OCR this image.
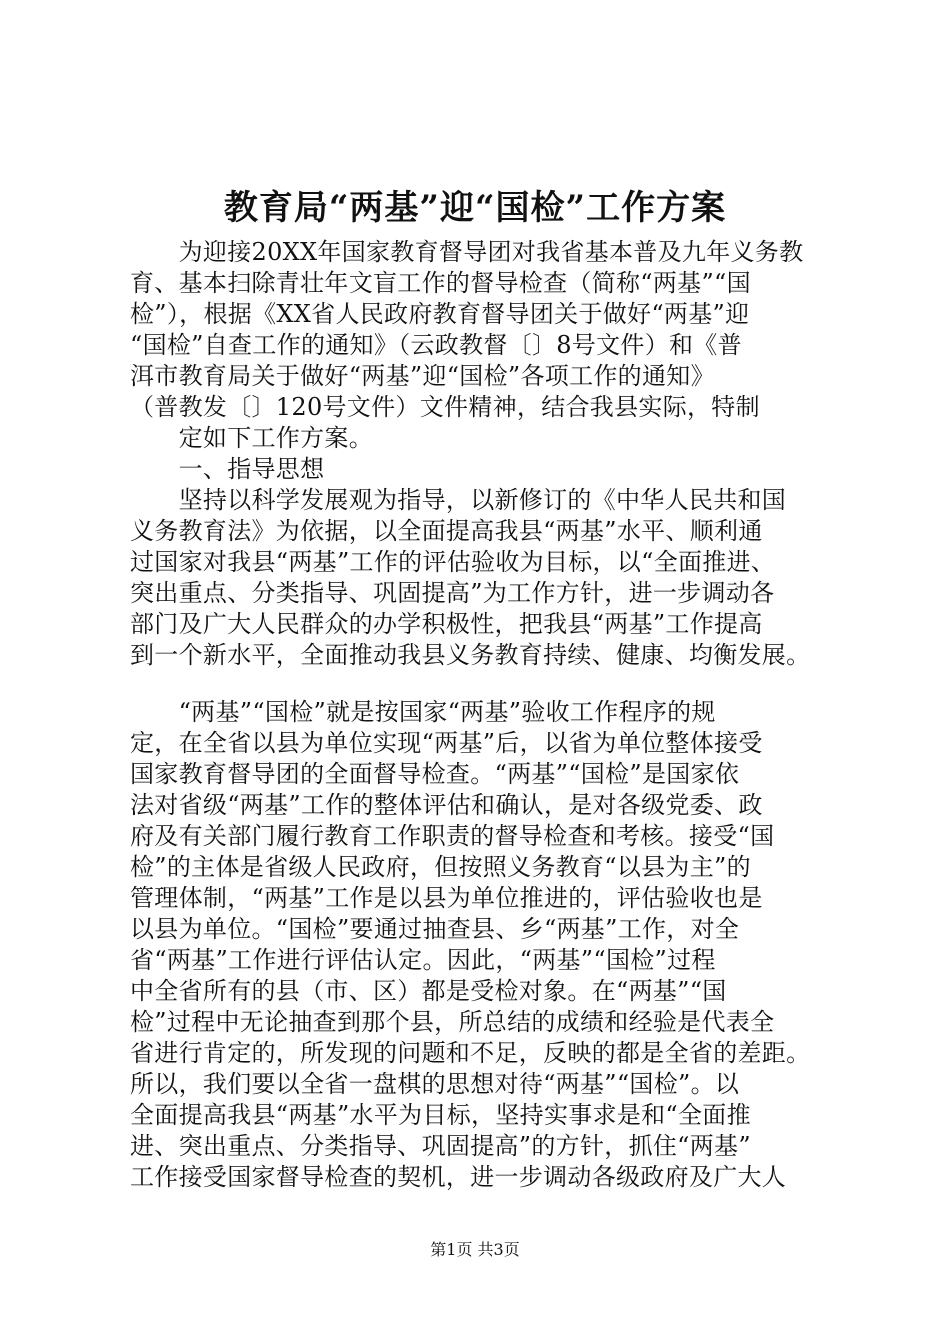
教育局“两基”迎“国检”工作方案
　　为迎接20XX年国家教育督导团对我省基本普及九年义务教
育、基本扫除青壮年文盲工作的督导检查（简称“两基”“国
检”），根据《XX省人民政府教育督导团关于做好“两基”迎
“国检”自查工作的通知》（云政教督〔〕8号文件）和《普
洱市教育局关于做好“两基”迎“国检”各项工作的通知》
（普教发〔〕120号文件）文件精神，结合我县实际，特制
　　定如下工作方案。
　　一、指导思想
　　坚持以科学发展观为指导，以新修订的《中华人民共和国
义务教育法》为依据，以全面提高我县“两基”水平、顺利通
过国家对我县“两基”工作的评估验收为目标，以“全面推进、
突出重点、分类指导、巩固提高”为工作方针，进一步调动各
部门及广大人民群众的办学积极性，把我县“两基”工作提高
到一个新水平，全面推动我县义务教育持续、健康、均衡发展。
　　“两基”“国检”就是按国家“两基”验收工作程序的规
定，在全省以县为单位实现“两基”后，以省为单位整体接受
国家教育督导团的全面督导检查。“两基”“国检”是国家依
法对省级“两基”工作的整体评估和确认，是对各级党委、政
府及有关部门履行教育工作职责的督导检查和考核。接受“国
检”的主体是省级人民政府，但按照义务教育“以县为主”的
管理体制，“两基”工作是以县为单位推进的，评估验收也是
以县为单位。“国检”要通过抽查县、乡“两基”工作，对全
省“两基”工作进行评估认定。因此，“两基”“国检”过程
中全省所有的县（市、区）都是受检对象。在“两基”“国
检”过程中无论抽查到那个县，所总结的成绩和经验是代表全
省进行肯定的，所发现的问题和不足，反映的都是全省的差距。
所以，我们要以全省一盘棋的思想对待“两基”“国检”。以
全面提高我县“两基”水平为目标，坚持实事求是和“全面推
进、突出重点、分类指导、巩固提高”的方针，抓住“两基”
工作接受国家督导检查的契机，进一步调动各级政府及广大人
第1页 共3页
